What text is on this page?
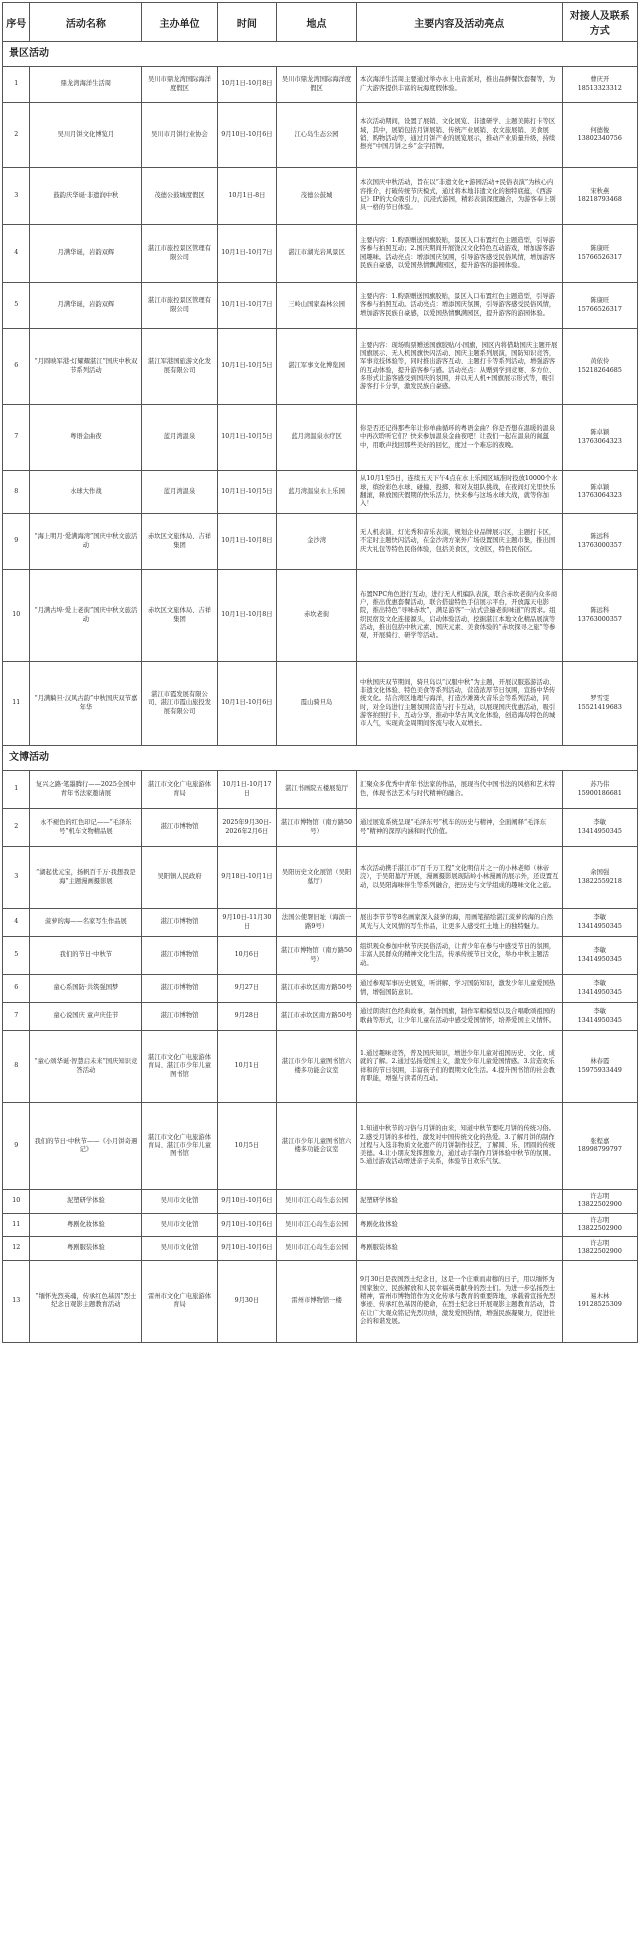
序号	活动名称	主办单位	时间	地点	主要内容及活动亮点	对接人及联系方式
景区活动						
1	鼎龙湾海洋生活周	吴川市鼎龙湾国际海洋度假区	10月1日-10月8日	吴川市鼎龙湾国际海洋度假区	本次海洋生活周主要通过举办水上电音派对，推出品鲜餐饮套餐等，为广大游客提供丰富的玩海度假体验。	曹庆开
18513323312

2	吴川月饼文化博览月	吴川市月饼行业协会	9月10日-10月6日	江心岛生态公园	本次活动期间，设置了展销、文化展览、非遗研学、主题美陈打卡等区域，其中，展销包括月饼展销、传统产业展销、农文旅展销、美食展销、购物活动等，通过月饼产业的展览展示，推动产业质量升级，持续擦亮“中国月饼之乡”金字招牌。	何德俊
13802340756

3	鼓韵庆华诞·非遗润中秋	茂德公鼓城度假区	10月1日-8日	茂德公鼓城	本次国庆中秋活动，旨在以“非遗文化+游园活动+民俗表演”为核心内容推介，打破传统节庆模式，通过将本地非遗文化的独特底蕴，《西游记》IP的大众吸引力，沉浸式游园，精彩表演深度融合，为游客奉上别具一格的节日体验。	宋秋燕
18218793468

4	月满华诞，岩韵双辉	湛江市旅控景区管理有限公司	10月1日-10月7日	湛江市湖光岩风景区	主要内容：1.购票赠送国旗胶贴，景区入口布置红色主题造型，引导游客参与拍照互动；2.国庆期间开展饶汉文化特色互动游戏，增加游客游园趣味。活动亮点：增添国庆氛围，引导游客感受民俗风情，增加游客民族自豪感，以爱国热情飘满园区，提升游客的游园体验。	陈康旺
15766526317

5	月满华诞，岩韵双辉	湛江市旅控景区管理有限公司	10月1日-10月7日	三岭山国家森林公园	主要内容：1.购票赠送国旗胶贴，景区入口布置红色主题造型，引导游客参与拍照互动。活动亮点：增添国庆氛围，引导游客感受民俗风情，增加游客民族自豪感，以爱国热情飘满园区，提升游客的游园体验。	陈康旺
15766526317

6	“月圆映军港·灯耀耀湛江”国庆中秋双节系列活动	湛江军港国旅游文化发展有限公司	10月1日-10月5日	湛江军事文化博览园	主要内容：现场购票赠送国旗胶贴/小国旗，园区内将借助国庆主题开展国旗展示、无人机国旗快闪活动、国庆主题系列展演，国防知识竞答，军事竞技体验等，同时推出游客互动、主题打卡等系列活动，增强游客的互动体验，提升游客参与感。活动亮点：从赠到学到竞赛、多方位、多形式让游客感受到国庆的氛围，并以无人机+国旗展示形式等，吸引游客打卡分享，激发民族自豪感。	黄依伶
15218264685

7	粤语金曲夜	蓝月湾温泉	10月1日-10月5日	蓝月湾温泉水疗区	你是否还记得那些年让你单曲循环的粤语金曲？你是否想在温暖的温泉中再次聆听它们？快来参加温泉金曲夜吧！让我们一起在温泉的氤氲中，用歌声找回那些美好的回忆，度过一个难忘的夜晚。	陈卓颖
13763064323

8	水球大作战	蓝月湾温泉	10月1日-10月5日	蓝月湾温泉水上乐园	从10月1至5日，连续五天下午4点在水上乐园区域准时投放10000个水球，缤纷彩色水球、碰撞、投掷、和对友组队挑战，在夜间灯光里快乐翻滚，释放国庆假期的快乐活力，快来参与这场水球大战，就等你加入！	陈卓颖
13763064323

9	“海上明月·爱满海湾”国庆中秋文旅活动	赤坎区文旅体局、吉祥集团	10月1日-10月8日	金沙湾	无人机表演、灯光秀和音乐表演，规划企业品牌展示区，主题打卡区，不定时主题快闪活动，在金沙湾方案外广场设置国庆主题市集，推出国庆大礼包等特色民俗体验，包括美食区，文创区，特色民俗区。	陈远科
13763000357

10	“月满古埠·爱上老街”国庆中秋文旅活动	赤坎区文旅体局、吉祥集团	10月1日-10月8日	赤坎老街	布置NPC角色进行互动，进行无人机编队表演，联合赤坎老街内众多商户，推出优惠套餐活动，联合搭建特色手信展示平台，开放露天电影院，推出特色“寻味赤坎”，满足游客“一站式尝遍老街味道”的需求。组织民宿及文化连接源头，启动体验活动，挖掘湛江本地文化精品展演等活动，推出包括中秋元素、国庆元素、美食体验的“赤坎探寻之旅”等参观，开展骑行、研学等活动。	陈远科
13763000357

11	“月满騎旦·汉风古韵”中秋国庆双节嘉年华	湛江市霞发展有限公司、湛江市霞山旅投发展有限公司	10月1日-10月6日	霞山骑旦岛	中秋国庆双节期间，骑旦岛以“汉服中秋”为主题，开展汉服巡游活动、非遗文化体验、特色美食等系列活动，营造浓厚节日氛围，宣扬中华传统文化。结合湾区地理与海洋，打造沙滩篝火音乐会等系列活动，同时，对全岛进行主题氛围营造与打卡互动，以展现国庆优惠活动，吸引游客拍照打卡、互动分享，推动中华古风文化体验，创造海岛特色的城市人气，实现黄金周期间客流与收入双增长。	罗雪雯
15521419683

文博活动						
1	复兴之路·笔墨腾行——2025全国中青年书法家邀请展	湛江市文化广电旅游体育局	10月1日-10月17日	湛江书画院五楼展览厅	汇聚众多优秀中青年书法家的作品，展现当代中国书法的风格和艺术特色，体现书法艺术与时代精神的融合。	苏乃伟
15900186681

2	永不褪色的红色印记——“毛泽东号”机车文物精品展	湛江市博物馆	2025年9月30日-2026年2月6日	湛江市博物馆（南方路50号）	通过展览系统呈现“毛泽东号”机车的历史与精神，全面阐释“毛泽东号”精神的深厚内涵和时代价值。	李敏
13414950345

3	“湖起优元宝，扬帆百千万·我想我是海”主题漫画摄影展	吴阳镇人民政府	9月18日-10月1日	吴阳历史文化展馆（吴阳墓厅）	本次活动携手湛江市“百千万工程”文化明信片之一的小林老师（林帝浣），于吴阳墓厅开展，漫画摄影展现陆岭小林漫画的展示外，还设置互动，以吴阳海味伴生等系列融合，把历史与文学组成的趣味文化之旅。	余国强
13822559218

4	菠萝的海——名家写生作品展	湛江市博物馆	9月10日-11月30日	法国公使署旧址（海滨一路9号）	展出李节节等8名画家深入菠萝的海，用画笔描绘湛江菠萝的海的自然风光与人文风情的写生作品，让更多人感受红土地上的独特魅力。	李敏
13414950345

5	我们的节日·中秋节	湛江市博物馆	10月6日	湛江市博物馆（南方路50号）	组织观众参加中秋节庆民俗活动，让青少年在参与中感受节日的氛围，丰富人民群众的精神文化生活，传承传统节日文化，举办中秋主题活动。	李敏
13414950345

6	童心系国防·共筑强国梦	湛江市博物馆	9月27日	湛江市赤坎区南方路50号	通过参观军事历史展览，听讲解、学习国防知识，激发少年儿童爱国热情，增强国防意识。	李敏
13414950345

7	童心说国庆 童声庆佳节	湛江市博物馆	9月28日	湛江市赤坎区南方路50号	通过朗读红色经典故事，制作国旗，制作军帽模型以及合唱歌颂祖国的歌曲等形式，让少年儿童在活动中感受爱国情怀，培养爱国主义情怀。	李敏
13414950345

8	“童心颂华诞·智慧启未来”国庆知识竞答活动	湛江市文化广电旅游体育局、湛江市少年儿童图书馆	10月1日	湛江市少年儿童图书馆六楼多功能会议室	1.通过趣味竞答，普及国庆知识，增进少年儿童对祖国历史、文化、成就的了解。2.通过弘扬爱国主义，激发少年儿童爱国情感。3.营造欢乐祥和的节日氛围，丰富孩子们的假期文化生活。4.提升图书馆的社会教育职能，增强与读者的互动。	林春霞
15975933449

9	我们的节日·中秋节——《小月饼奇遇记》	湛江市文化广电旅游体育局、湛江市少年儿童图书馆	10月5日	湛江市少年儿童图书馆六楼多功能会议室	1.知道中秋节的习俗与月饼的由来，知道中秋节要吃月饼的传统习俗。2.感受月饼的多样性，激发对中国传统文化的热爱。3.了解月饼的制作过程与入选非物质文化遗产的月饼制作技艺，了解圆、乐、团圆的传统美德。4.让小朋友发挥想象力，通过动手制作月饼体验中秋节的氛围。5.通过游戏活动增进亲子关系，体验节日欢乐气氛。	张程嘉
18998799797

10	泥塑研学体验	吴川市文化馆	9月10日-10月6日	吴川市江心岛生态公园	泥塑研学体验	许志明
13822502900

11	粤剧化妆体验	吴川市文化馆	9月10日-10月6日	吴川市江心岛生态公园	粤剧化妆体验	许志明
13822502900

12	粤剧服装体验	吴川市文化馆	9月10日-10月6日	吴川市江心岛生态公园	粤剧服装体验	许志明
13822502900

13	“缅怀先烈英魂，传承红色基因”烈士纪念日观影主题教育活动	雷州市文化广电旅游体育局	9月30日	雷州市博物馆一楼	9月30日是我国烈士纪念日，这是一个庄重而肃穆的日子，用以缅怀为国家独立、民族解放和人民幸福英勇献身的烈士们。为进一步弘扬烈士精神，雷州市博物馆作为文化传承与教育的重要阵地，承载着宣扬先烈事迹、传承红色基因的使命，在烈士纪念日开展观影主题教育活动，旨在让广大观众铭记先烈功绩，激发爱国热情，增强民族凝聚力，促进社会的和谐发展。	易木林
19128525309
